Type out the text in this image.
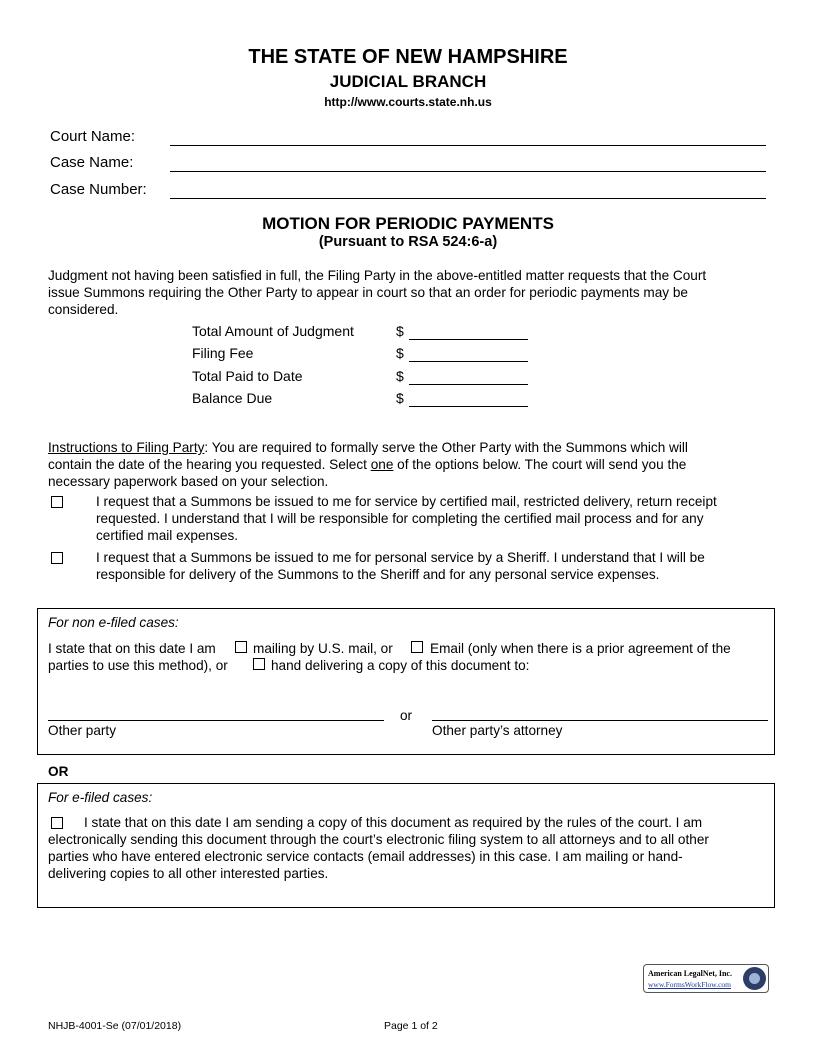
THE STATE OF NEW HAMPSHIRE
JUDICIAL BRANCH
http://www.courts.state.nh.us
Court Name:
Case Name:
Case Number:
MOTION FOR PERIODIC PAYMENTS
(Pursuant to RSA 524:6-a)
Judgment not having been satisfied in full, the Filing Party in the above-entitled matter requests that the Court
issue Summons requiring the Other Party to appear in court so that an order for periodic payments may be
considered.
Total Amount of Judgment	$
Filing Fee	$
Total Paid to Date	$
Balance Due	$
Instructions to Filing Party: You are required to formally serve the Other Party with the Summons which will
contain the date of the hearing you requested. Select one of the options below. The court will send you the
necessary paperwork based on your selection.
I request that a Summons be issued to me for service by certified mail, restricted delivery, return receipt
requested. I understand that I will be responsible for completing the certified mail process and for any
certified mail expenses.
I request that a Summons be issued to me for personal service by a Sheriff. I understand that I will be
responsible for delivery of the Summons to the Sheriff and for any personal service expenses.
For non e-filed cases:
I state that on this date I am	mailing by U.S. mail, or	Email (only when there is a prior agreement of the
parties to use this method), or	hand delivering a copy of this document to:
or
Other party	Other party’s attorney
OR
For e-filed cases:
I state that on this date I am sending a copy of this document as required by the rules of the court. I am
electronically sending this document through the court’s electronic filing system to all attorneys and to all other
parties who have entered electronic service contacts (email addresses) in this case. I am mailing or hand-
delivering copies to all other interested parties.
American LegalNet, Inc.
www.FormsWorkFlow.com
NHJB-4001-Se (07/01/2018)	Page 1 of 2
